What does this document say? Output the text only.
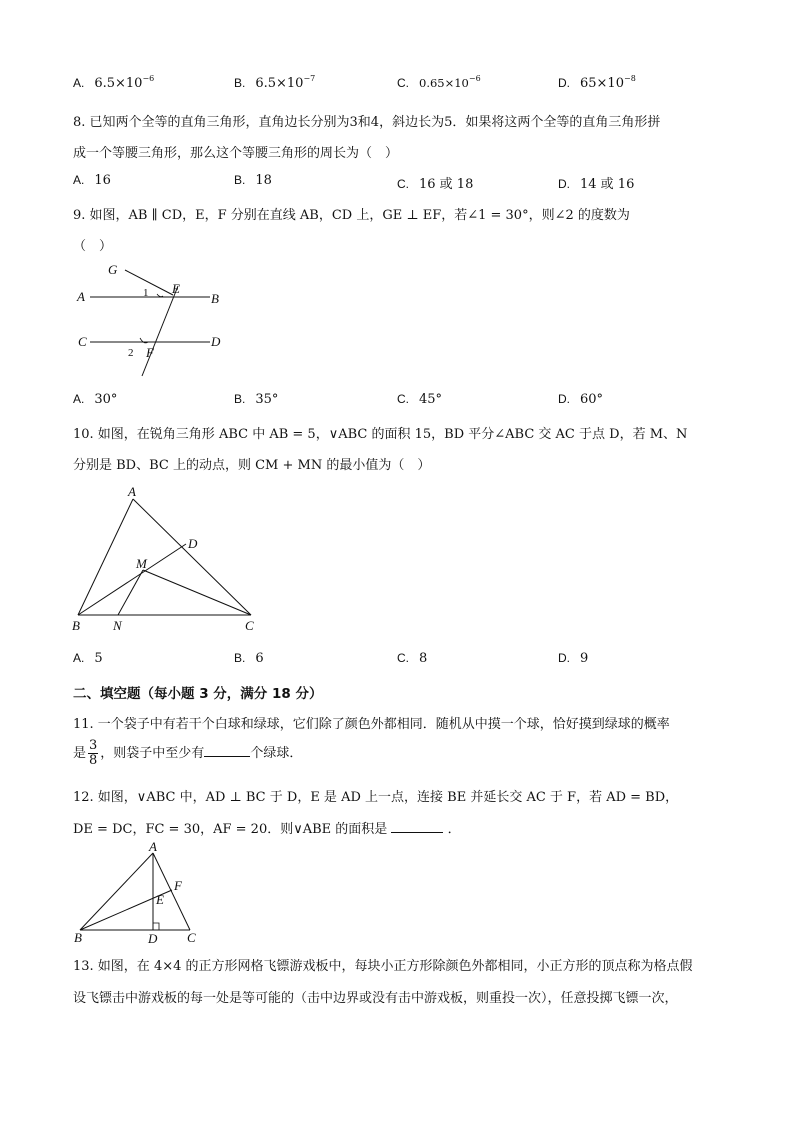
A. $6.5\times 10^{-6}$	B. $6.5\times 10^{-7}$	C. $0.65\times 10^{-6}$	D. $65\times 10^{-8}$
8. 已知两个全等的直角三角形，直角边长分别为3和4，斜边长为5．如果将这两个全等的直角三角形拼
成一个等腰三角形，那么这个等腰三角形的周长为（　）
A. 16	B. 18	C. 16 或 18	D. 14 或 16
9. 如图，AB ∥ CD，E，F 分别在直线 AB，CD 上，GE ⊥ EF，若∠1 = 30°，则∠2 的度数为
（　）
G
A	B
C	D
E
F
1
2
A. 30°	B. 35°	C. 45°	D. 60°
10. 如图，在锐角三角形 ABC 中 AB = 5，∨ABC 的面积 15，BD 平分∠ABC 交 AC 于点 D，若 M、N
分别是 BD、BC 上的动点，则 CM + MN 的最小值为（　）
A
B	C
D
M
N
A. 5	B. 6	C. 8	D. 9
二、填空题（每小题 3 分，满分 18 分）
11. 一个袋子中有若干个白球和绿球，它们除了颜色外都相同．随机从中摸一个球，恰好摸到绿球的概率
是 $\frac{3}{8}$ ，则袋子中至少有	个绿球．
12. 如图，∨ABC 中，AD ⊥ BC 于 D，E 是 AD 上一点，连接 BE 并延长交 AC 于 F，若 AD = BD，
DE = DC，FC = 30，AF = 20．则∨ABE 的面积是	．
A
B	C
D
E
F
13. 如图，在 4×4 的正方形网格飞镖游戏板中，每块小正方形除颜色外都相同，小正方形的顶点称为格点假
设飞镖击中游戏板的每一处是等可能的（击中边界或没有击中游戏板，则重投一次），任意投掷飞镖一次，
